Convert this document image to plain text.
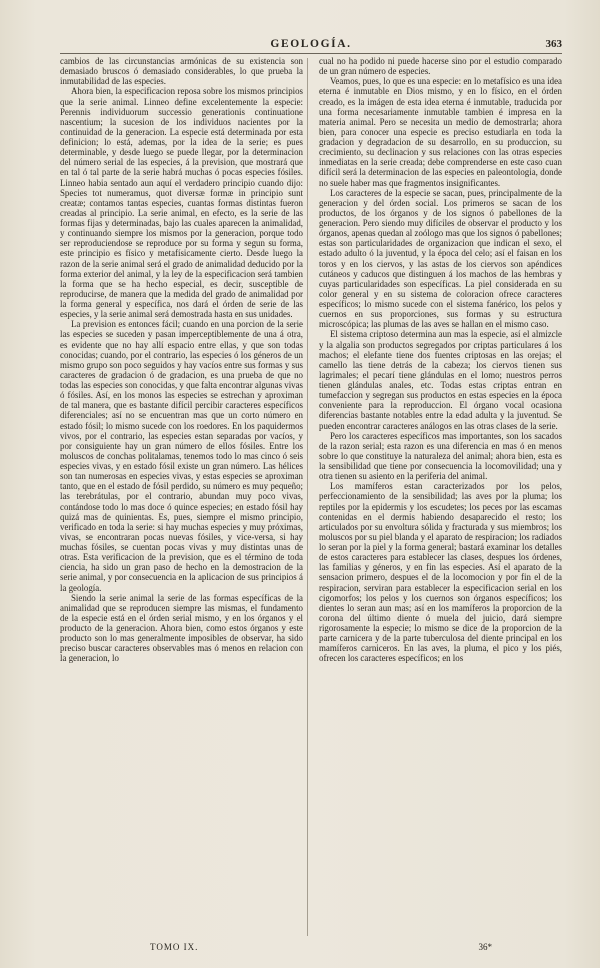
GEOLOGÍA.	363

cambios de las circunstancias armónicas de su existencia son demasiado bruscos ó demasiado considerables, lo que prueba la inmutabilidad de las especies.

Ahora bien, la especificacion reposa sobre los mismos principios que la serie animal. Linneo define excelentemente la especie: Perennis individuorum successio generationis continuatione nascentium; la sucesion de los individuos nacientes por la continuidad de la generacion. La especie está determinada por esta definicion; lo está, ademas, por la idea de la serie; es pues determinable, y desde luego se puede llegar, por la determinacion del número serial de las especies, á la prevision, que mostrará que en tal ó tal parte de la serie habrá muchas ó pocas especies fósiles. Linneo habia sentado aun aquí el verdadero principio cuando dijo: Species tot numeramus, quot diversæ formæ in principio sunt creatæ; contamos tantas especies, cuantas formas distintas fueron creadas al principio. La serie animal, en efecto, es la serie de las formas fijas y determinadas, bajo las cuales aparecen la animalidad, y continuando siempre los mismos por la generacion, porque todo ser reproduciendose se reproduce por su forma y segun su forma, este principio es físico y metafísicamente cierto. Desde luego la razon de la serie animal será el grado de animalidad deducido por la forma exterior del animal, y la ley de la especificacion será tambien la forma que se ha hecho especial, es decir, susceptible de reproducirse, de manera que la medida del grado de animalidad por la forma general y específica, nos dará el órden de serie de las especies, y la serie animal será demostrada hasta en sus unidades.

La prevision es entonces fácil; cuando en una porcion de la serie las especies se suceden y pasan imperceptiblemente de una á otra, es evidente que no hay allí espacio entre ellas, y que son todas conocidas; cuando, por el contrario, las especies ó los géneros de un mismo grupo son poco seguidos y hay vacíos entre sus formas y sus caracteres de gradacion ó de gradacion, es una prueba de que no todas las especies son conocidas, y que falta encontrar algunas vivas ó fósiles. Así, en los monos las especies se estrechan y aproximan de tal manera, que es bastante difícil percibir caracteres específicos diferenciales; así no se encuentran mas que un corto número en estado fósil; lo mismo sucede con los roedores. En los paquidermos vivos, por el contrario, las especies estan separadas por vacíos, y por consiguiente hay un gran número de ellos fósiles. Entre los moluscos de conchas politalamas, tenemos todo lo mas cinco ó seis especies vivas, y en estado fósil existe un gran número. Las hélices son tan numerosas en especies vivas, y estas especies se aproximan tanto, que en el estado de fósil perdido, su número es muy pequeño; las terebrátulas, por el contrario, abundan muy poco vivas, contándose todo lo mas doce ó quince especies; en estado fósil hay quizá mas de quinientas. Es, pues, siempre el mismo principio, verificado en toda la serie: si hay muchas especies y muy próximas, vivas, se encontraran pocas nuevas fósiles, y vice-versa, si hay muchas fósiles, se cuentan pocas vivas y muy distintas unas de otras. Esta verificacion de la prevision, que es el término de toda ciencia, ha sido un gran paso de hecho en la demostracion de la serie animal, y por consecuencia en la aplicacion de sus principios á la geología.

Siendo la serie animal la serie de las formas específicas de la animalidad que se reproducen siempre las mismas, el fundamento de la especie está en el órden serial mismo, y en los órganos y el producto de la generacion. Ahora bien, como estos órganos y este producto son lo mas generalmente imposibles de observar, ha sido preciso buscar caracteres observables mas ó menos en relacion con la generacion, lo

cual no ha podido ni puede hacerse sino por el estudio comparado de un gran número de especies.

Veamos, pues, lo que es una especie: en lo metafísico es una idea eterna é inmutable en Dios mismo, y en lo físico, en el órden creado, es la imágen de esta idea eterna é inmutable, traducida por una forma necesariamente inmutable tambien é impresa en la materia animal. Pero se necesita un medio de demostrarla; ahora bien, para conocer una especie es preciso estudiarla en toda la gradacion y degradacion de su desarrollo, en su produccion, su crecimiento, su declinacion y sus relaciones con las otras especies inmediatas en la serie creada; debe comprenderse en este caso cuan difícil será la determinacion de las especies en paleontologia, donde no suele haber mas que fragmentos insignificantes.

Los caracteres de la especie se sacan, pues, principalmente de la generacion y del órden social. Los primeros se sacan de los productos, de los órganos y de los signos ó pabellones de la generacion. Pero siendo muy difíciles de observar el producto y los órganos, apenas quedan al zoólogo mas que los signos ó pabellones; estas son particularidades de organizacion que indican el sexo, el estado adulto ó la juventud, y la época del celo; así el faisan en los toros y en los ciervos, y las astas de los ciervos son apéndices cutáneos y caducos que distinguen á los machos de las hembras y cuyas particularidades son específicas. La piel considerada en su color general y en su sistema de coloracion ofrece caracteres específicos; lo mismo sucede con el sistema fanérico, los pelos y cuernos en sus proporciones, sus formas y su estructura microscópica; las plumas de las aves se hallan en el mismo caso.

El sistema criptoso determina aun mas la especie, así el almizcle y la algalia son productos segregados por criptas particulares á los machos; el elefante tiene dos fuentes criptosas en las orejas; el camello las tiene detrás de la cabeza; los ciervos tienen sus lagrimales; el pecarí tiene glándulas en el lomo; nuestros perros tienen glándulas anales, etc. Todas estas criptas entran en tumefaccion y segregan sus productos en estas especies en la época conveniente para la reproduccion. El órgano vocal ocasiona diferencias bastante notables entre la edad adulta y la juventud. Se pueden encontrar caracteres análogos en las otras clases de la serie.

Pero los caracteres específicos mas importantes, son los sacados de la razon serial; esta razon es una diferencia en mas ó en menos sobre lo que constituye la naturaleza del animal; ahora bien, esta es la sensibilidad que tiene por consecuencia la locomovilidad; una y otra tienen su asiento en la periferia del animal.

Los mamíferos estan caracterizados por los pelos, perfeccionamiento de la sensibilidad; las aves por la pluma; los reptiles por la epidermis y los escudetes; los peces por las escamas contenidas en el dermis habiendo desaparecido el resto; los articulados por su envoltura sólida y fracturada y sus miembros; los moluscos por su piel blanda y el aparato de respiracion; los radiados lo seran por la piel y la forma general; bastará examinar los detalles de estos caracteres para establecer las clases, despues los órdenes, las familias y géneros, y en fin las especies. Así el aparato de la sensacion primero, despues el de la locomocion y por fin el de la respiracion, serviran para establecer la especificacion serial en los cigomorfos; los pelos y los cuernos son órganos específicos; los dientes lo seran aun mas; así en los mamíferos la proporcion de la corona del último diente ó muela del juicio, dará siempre rigorosamente la especie; lo mismo se dice de la proporcion de la parte carnicera y de la parte tuberculosa del diente principal en los mamíferos carniceros. En las aves, la pluma, el pico y los piés, ofrecen los caracteres específicos; en los

TOMO IX.	36*
